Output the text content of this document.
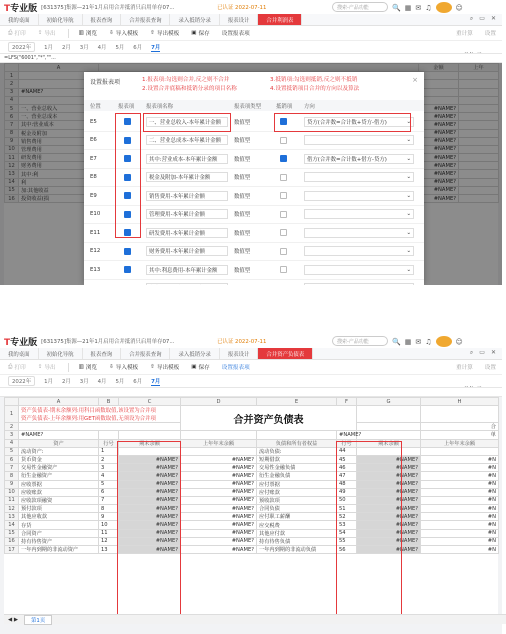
T专业版 [631375]集源—21年1月启用合并抵消只启用单存07...	已认证 2022-07-11	搜索-产品功能	🔍 ▦ ✉ ♫	☺
我的桌面	初始化导航	报表查询	合并报表查询	录入抵销分录	报表设计	合并利润表	⌕ ▭ ✕
⎙ 打印 ⇪ 导出	▥ 浏览 ⇩ 导入模板 ⇧ 导出模板 ▣ 保存 设置报表项	重计算 设置
2022年	1月 2月 3月 4月 5月 6月 7月
=LFS("6001","*",""...
	A		金额	上年
1				
2				
3	#NAME?			
4				
5	一、营业总收入		#NAME?	
6	一、营业总成本		#NAME?	
7	其中:营业成本		#NAME?	
8	税金及附加		#NAME?	
9	销售费用		#NAME?	
10	管理费用		#NAME?	
11	研发费用		#NAME?	
12	财务费用		#NAME?	
13	其中:利		#NAME?	
14	利		#NAME?	
15	加:其他收益		#NAME?	
16	投资收益(损		#NAME?	
设置报表项	1.报表项:勾选则合并,反之则不合并
2.设置合并底稿和抵销分录的项目名称
3.抵销项:勾选则抵销,反之则不抵销
4.设置抵销项目合并的方向以及算法
×
位置	报表项 报表项名称	报表项类型	抵销项 方向
E5	一、营业总收入-本年累计金额	数值型	贷方(合并数=合计数+贷方-借方)	⌄
E6	二、营业总成本-本年累计金额	数值型	⌄
E7	其中:营业成本-本年累计金额	数值型	借方(合并数=合计数+借方-贷方)	⌄
E8	税金及附加-本年累计金额	数值型	⌄
E9	销售费用-本年累计金额	数值型	⌄
E10	管理费用-本年累计金额	数值型	⌄
E11	研发费用-本年累计金额	数值型	⌄
E12	财务费用-本年累计金额	数值型	⌄
E13	其中:利息费用-本年累计金额	数值型	⌄
T专业版 [631375]集源—21年1月启用合并抵消只启用单存07...	已认证 2022-07-11	搜索-产品功能	🔍 ▦ ✉ ♫	☺
我的桌面	初始化导航	报表查询	合并报表查询	录入抵销分录	报表设计	合并资产负债表	⌕ ▭ ✕
⎙ 打印 ⇪ 导出	▥ 浏览 ⇩ 导入模板 ⇧ 导出模板 ▣ 保存 设置报表项	重计算 设置
2022年	1月 2月 3月 4月 5月 6月 7月
	A	B	C	D	E	F	G	H
1	资产负债表-期末余额列:用科目函数取值,该设置为合并项
资产负债表-上年余额列:用GET函数取值,无须设为合并项			合并资产负债表				
2								合
3	#NAME?					#NAME?		单
4	资产	行号	期末余额	上年年末余额	负债和所有者权益	行号	期末余额	上年年末余额
5	流动资产:	1			流动负债:	44		
6	货币资金	2	#NAME?	#NAME?	短期借款	45	#NAME?	#N
7	交易性金融资产	3	#NAME?	#NAME?	交易性金融负债	46	#NAME?	#N
8	衍生金融资产	4	#NAME?	#NAME?	衍生金融负债	47	#NAME?	#N
9	应收票据	5	#NAME?	#NAME?	应付票据	48	#NAME?	#N
10	应收账款	6	#NAME?	#NAME?	应付账款	49	#NAME?	#N
11	应收款项融资	7	#NAME?	#NAME?	预收款项	50	#NAME?	#N
12	预付款项	8	#NAME?	#NAME?	合同负债	51	#NAME?	#N
13	其他应收款	9	#NAME?	#NAME?	应付职工薪酬	52	#NAME?	#N
14	存货	10	#NAME?	#NAME?	应交税费	53	#NAME?	#N
15	合同资产	11	#NAME?	#NAME?	其他应付款	54	#NAME?	#N
16	持有待售资产	12	#NAME?	#NAME?	持有待售负债	55	#NAME?	#N
17	一年内到期的非流动资产	13	#NAME?	#NAME?	一年内到期的非流动负债	56	#NAME?	#N
◀ ▶	第1页
